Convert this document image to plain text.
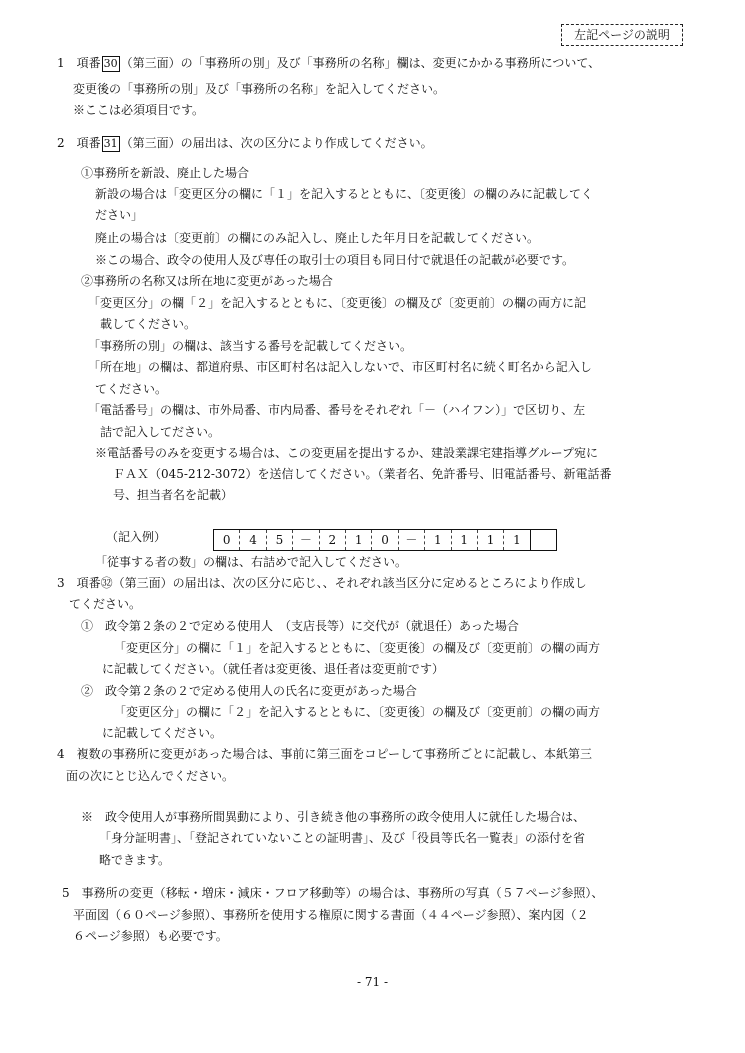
左記ページの説明
1　項番 30 （第三面）の「事務所の別」及び「事務所の名称」欄は、変更にかかる事務所について、
変更後の「事務所の別」及び「事務所の名称」を記入してください。
※ここは必須項目です。
2　項番 31 （第三面）の届出は、次の区分により作成してください。
①事務所を新設、廃止した場合
新設の場合は「変更区分の欄に「１」を記入するとともに、〔変更後〕の欄のみに記載してく
ださい」
廃止の場合は〔変更前〕の欄にのみ記入し、廃止した年月日を記載してください。
※この場合、政令の使用人及び専任の取引士の項目も同日付で就退任の記載が必要です。
②事務所の名称又は所在地に変更があった場合
「変更区分」の欄「２」を記入するとともに、〔変更後〕の欄及び〔変更前〕の欄の両方に記
載してください。
「事務所の別」の欄は、該当する番号を記載してください。
「所在地」の欄は、都道府県、市区町村名は記入しないで、市区町村名に続く町名から記入し
てください。
「電話番号」の欄は、市外局番、市内局番、番号をそれぞれ「－（ハイフン）」で区切り、左
詰で記入してださい。
※電話番号のみを変更する場合は、この変更届を提出するか、建設業課宅建指導グループ宛に
ＦＡＸ（045-212-3072）を送信してください。（業者名、免許番号、旧電話番号、新電話番
号、担当者名を記載）
（記入例）	0	4	5	－	2	1	0	－	1	1	1	1
「従事する者の数」の欄は、右詰めで記入してください。
3　項番㉜（第三面）の届出は、次の区分に応じ、、それぞれ該当区分に定めるところにより作成し
てください。
①　政令第２条の２で定める使用人　（支店長等）に交代が（就退任）あった場合
「変更区分」の欄に「１」を記入するとともに、〔変更後〕の欄及び〔変更前〕の欄の両方
に記載してください。（就任者は変更後、退任者は変更前です）
②　政令第２条の２で定める使用人の氏名に変更があった場合
「変更区分」の欄に「２」を記入するとともに、〔変更後〕の欄及び〔変更前〕の欄の両方
に記載してください。
4　複数の事務所に変更があった場合は、事前に第三面をコピーして事務所ごとに記載し、本紙第三
面の次にとじ込んでください。
※　政令使用人が事務所間異動により、引き続き他の事務所の政令使用人に就任した場合は、
「身分証明書」、「登記されていないことの証明書」、及び「役員等氏名一覧表」の添付を省
略できます。
5　事務所の変更（移転・増床・減床・フロア移動等）の場合は、事務所の写真（５７ページ参照）、
平面図（６０ページ参照）、事務所を使用する権原に関する書面（４４ページ参照）、案内図（２
６ページ参照）も必要です。
- 71 -
